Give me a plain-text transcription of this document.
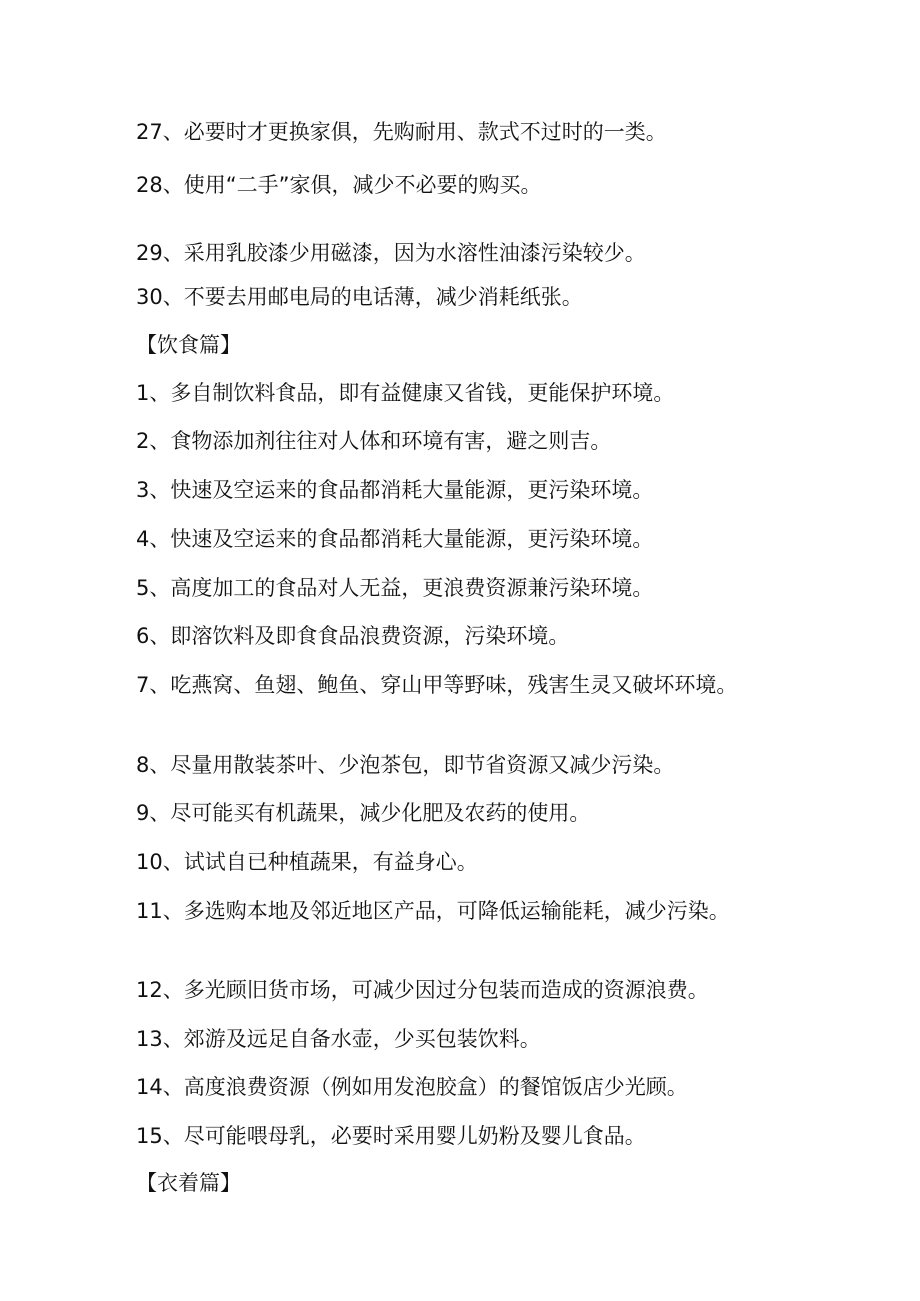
27、必要时才更换家俱，先购耐用、款式不过时的一类。
28、使用“二手”家俱，减少不必要的购买。
29、采用乳胶漆少用磁漆，因为水溶性油漆污染较少。
30、不要去用邮电局的电话薄，减少消耗纸张。
【饮食篇】
1、多自制饮料食品，即有益健康又省钱，更能保护环境。
2、食物添加剂往往对人体和环境有害，避之则吉。
3、快速及空运来的食品都消耗大量能源，更污染环境。
4、快速及空运来的食品都消耗大量能源，更污染环境。
5、高度加工的食品对人无益，更浪费资源兼污染环境。
6、即溶饮料及即食食品浪费资源，污染环境。
7、吃燕窝、鱼翅、鲍鱼、穿山甲等野味，残害生灵又破坏环境。
8、尽量用散装茶叶、少泡茶包，即节省资源又减少污染。
9、尽可能买有机蔬果，减少化肥及农药的使用。
10、试试自已种植蔬果，有益身心。
11、多选购本地及邻近地区产品，可降低运输能耗，减少污染。
12、多光顾旧货市场，可减少因过分包装而造成的资源浪费。
13、郊游及远足自备水壶，少买包装饮料。
14、高度浪费资源（例如用发泡胶盒）的餐馆饭店少光顾。
15、尽可能喂母乳，必要时采用婴儿奶粉及婴儿食品。
【衣着篇】
